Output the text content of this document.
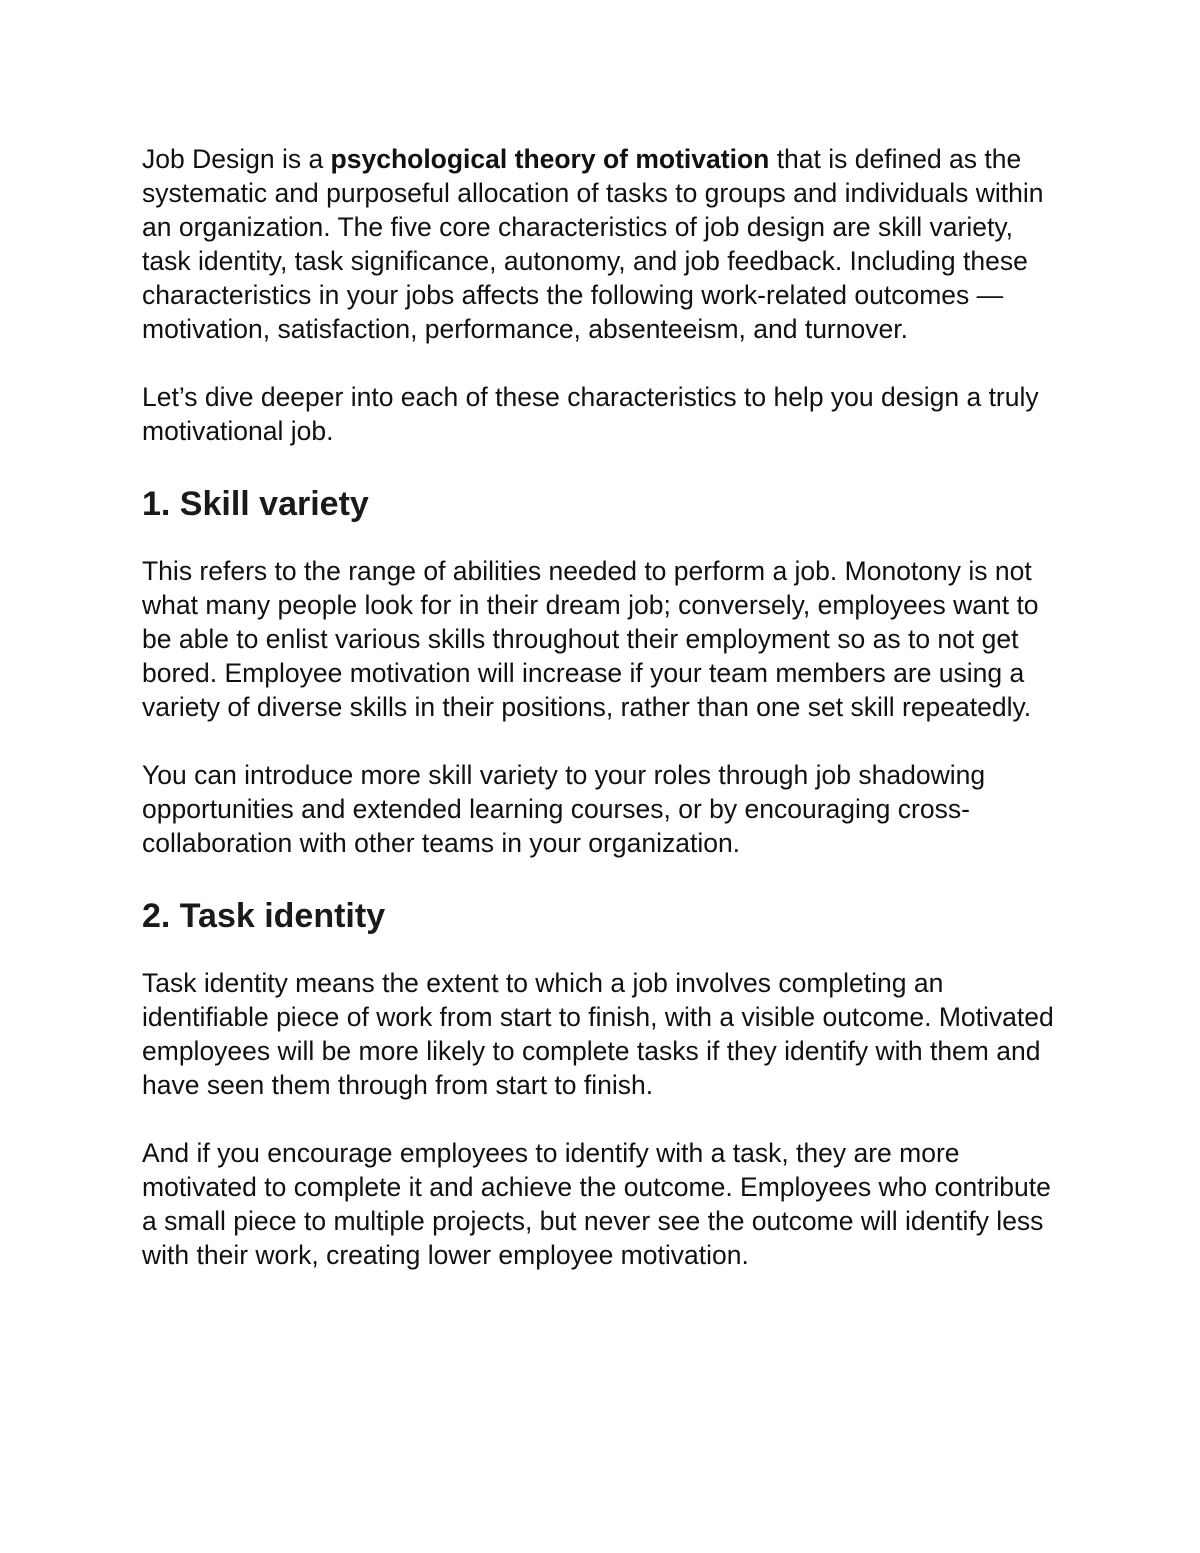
Job Design is a psychological theory of motivation that is defined as the systematic and purposeful allocation of tasks to groups and individuals within an organization. The five core characteristics of job design are skill variety, task identity, task significance, autonomy, and job feedback. Including these characteristics in your jobs affects the following work-related outcomes — motivation, satisfaction, performance, absenteeism, and turnover.

Let’s dive deeper into each of these characteristics to help you design a truly motivational job.

1. Skill variety

This refers to the range of abilities needed to perform a job. Monotony is not what many people look for in their dream job; conversely, employees want to be able to enlist various skills throughout their employment so as to not get bored. Employee motivation will increase if your team members are using a variety of diverse skills in their positions, rather than one set skill repeatedly.

You can introduce more skill variety to your roles through job shadowing opportunities and extended learning courses, or by encouraging cross-collaboration with other teams in your organization.

2. Task identity

Task identity means the extent to which a job involves completing an identifiable piece of work from start to finish, with a visible outcome. Motivated employees will be more likely to complete tasks if they identify with them and have seen them through from start to finish.

And if you encourage employees to identify with a task, they are more motivated to complete it and achieve the outcome. Employees who contribute a small piece to multiple projects, but never see the outcome will identify less with their work, creating lower employee motivation.
